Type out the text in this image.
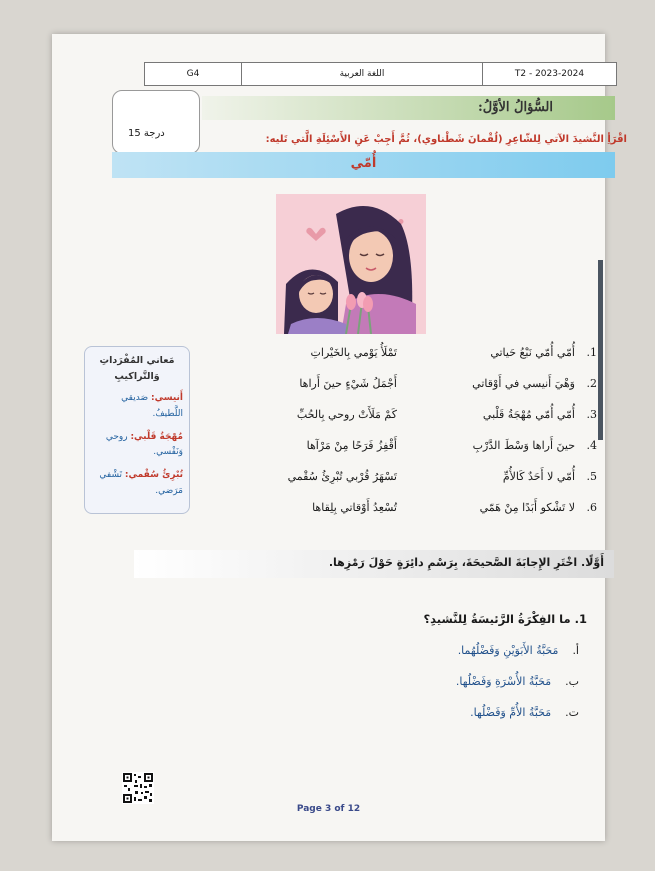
G4	اللغة العربية	T2 - 2023-2024
15 درجة
السُّؤالُ الأوَّلُ:
اقْرَأِ النَّشيدَ الآتي لِلشّاعِرِ (لُقْمانَ شَطْناوي)، ثُمَّ أَجِبْ عَنِ الأَسْئِلَةِ الَّتي تَليه:
أُمّي
مَعاني المُفْرَداتِ وَالتَّراكيبِ
أَنيسي: صَديقي اللَّطيفُ.
مُهْجَةُ قَلْبي: روحي وَنَفْسي.
تُبْرِئُ سُقْمي: تَشْفي مَرَضي.
1.
أُمّي أُمّي نَبْعُ حَياتي
تَمْلَأُ يَوْمي بِالخَيْراتِ
2.
وَهْيَ أَنيسي في أَوْقاتي
أَجْمَلُ شَيْءٍ حينَ أَراها
3.
أُمّي أُمّي مُهْجَةُ قَلْبي
كَمْ مَلَأَتْ روحي بِالحُبِّ
4.
حينَ أَراها وَسْطَ الدَّرْبِ
أَقْفِزُ فَرَحًا مِنْ مَرْآها
5.
أُمّي لا أَحَدٌ كَالأُمِّ
تَسْهَرُ قُرْبي تُبْرِئُ سُقْمي
6.
لا تَشْكو أَبَدًا مِنْ هَمّي
تُسْعِدُ أَوْقاتي بِلِقاها
أَوَّلًا. اخْتَرِ الإِجابَةَ الصَّحيحَةَ، بِرَسْمِ دائِرَةٍ حَوْلَ رَمْزِها.
1. ما الفِكْرَةُ الرَّئيسَةُ لِلنَّشيدِ؟
أ.مَحَبَّةُ الأَبَوَيْنِ وَفَضْلُهُما.
ب.مَحَبَّةُ الأُسْرَةِ وَفَضْلُها.
ت.مَحَبَّةُ الأُمِّ وَفَضْلُها.
Page 3 of 12
